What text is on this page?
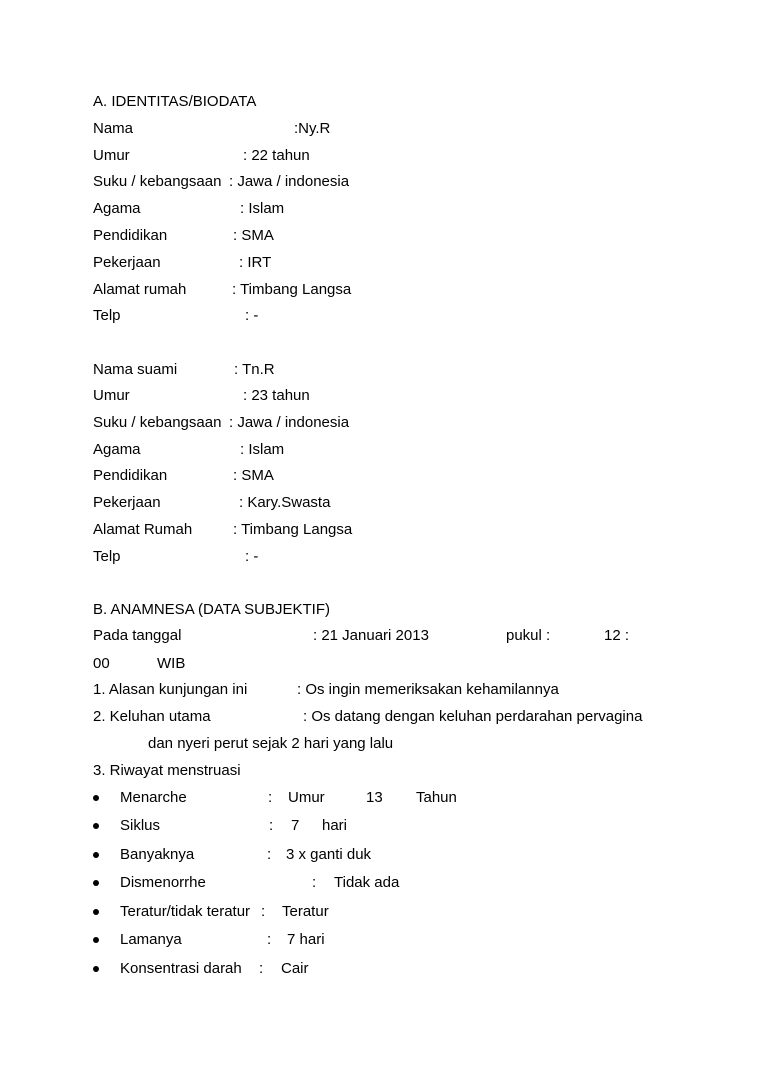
A. IDENTITAS/BIODATA
Nama	:Ny.R
Umur	: 22 tahun
Suku / kebangsaan : Jawa / indonesia
Agama	: Islam
Pendidikan	: SMA
Pekerjaan	: IRT
Alamat rumah	: Timbang Langsa
Telp	: -
Nama suami	: Tn.R
Umur	: 23 tahun
Suku / kebangsaan : Jawa / indonesia
Agama	: Islam
Pendidikan	: SMA
Pekerjaan	: Kary.Swasta
Alamat Rumah	: Timbang Langsa
Telp	: -
B. ANAMNESA (DATA SUBJEKTIF)
Pada tanggal	: 21 Januari 2013	pukul :	12 :
00	WIB
1. Alasan kunjungan ini	: Os ingin memeriksakan kehamilannya
2. Keluhan utama	: Os datang dengan keluhan perdarahan pervagina
dan nyeri perut sejak 2 hari yang lalu
3. Riwayat menstruasi
Menarche	: Umur	13 Tahun
Siklus	: 7 hari
Banyaknya	: 3 x ganti duk
Dismenorrhe	: Tidak ada
Teratur/tidak teratur : Teratur
Lamanya	: 7 hari
Konsentrasi darah : Cair
